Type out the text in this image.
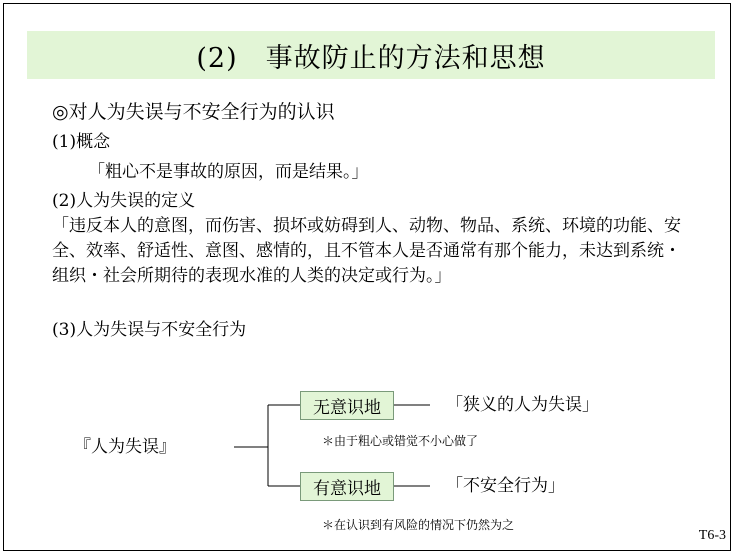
(2)　事故防止的方法和思想
◎对人为失误与不安全行为的认识
(1)概念
「粗心不是事故的原因，而是结果。」
(2)人为失误的定义
「违反本人的意图，而伤害、损坏或妨碍到人、动物、物品、系统、环境的功能、安全、效率、舒适性、意图、感情的，且不管本人是否通常有那个能力，未达到系统・组织・社会所期待的表现水准的人类的决定或行为。」
(3)人为失误与不安全行为
『人为失误』
无意识地	「狭义的人为失误」
＊由于粗心或错觉不小心做了
有意识地	「不安全行为」
＊在认识到有风险的情况下仍然为之
T6-3
